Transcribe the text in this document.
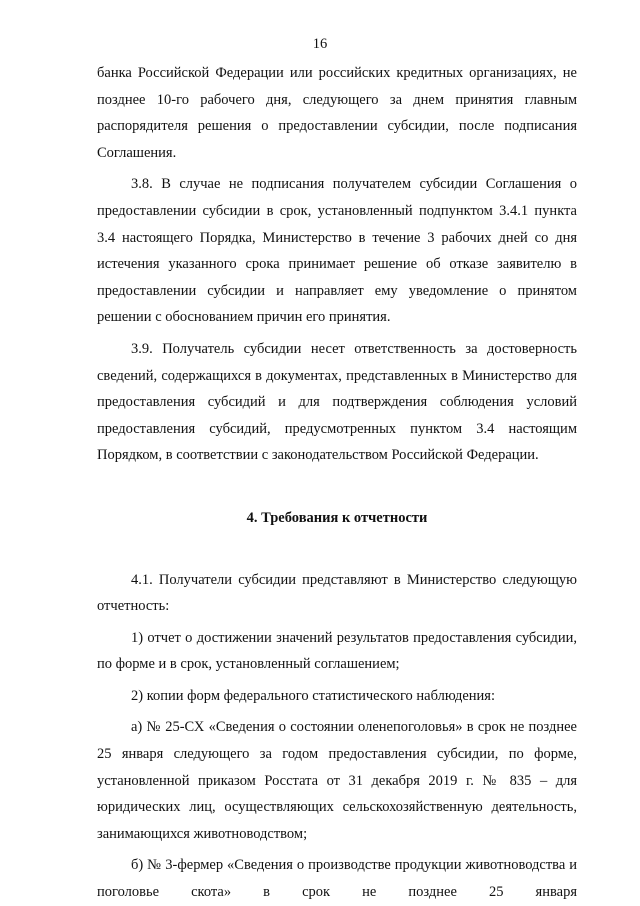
16

банка Российской Федерации или российских кредитных организациях, не позднее 10-го рабочего дня, следующего за днем принятия главным распорядителя решения о предоставлении субсидии, после подписания Соглашения.

3.8. В случае не подписания получателем субсидии Соглашения о предоставлении субсидии в срок, установленный подпунктом 3.4.1 пункта 3.4 настоящего Порядка, Министерство в течение 3 рабочих дней со дня истечения указанного срока принимает решение об отказе заявителю в предоставлении субсидии и направляет ему уведомление о принятом решении с обоснованием причин его принятия.

3.9. Получатель субсидии несет ответственность за достоверность сведений, содержащихся в документах, представленных в Министерство для предоставления субсидий и для подтверждения соблюдения условий предоставления субсидий, предусмотренных пунктом 3.4 настоящим Порядком, в соответствии с законодательством Российской Федерации.

4. Требования к отчетности

4.1. Получатели субсидии представляют в Министерство следующую отчетность:

1) отчет о достижении значений результатов предоставления субсидии, по форме и в срок, установленный соглашением;

2) копии форм федерального статистического наблюдения:

а) № 25-СХ «Сведения о состоянии оленепоголовья» в срок не позднее 25 января следующего за годом предоставления субсидии, по форме, установленной приказом Росстата от 31 декабря 2019 г. № 835 – для юридических лиц, осуществляющих сельскохозяйственную деятельность, занимающихся животноводством;

б) № 3-фермер «Сведения о производстве продукции животноводства и поголовье скота» в срок не позднее 25 января
